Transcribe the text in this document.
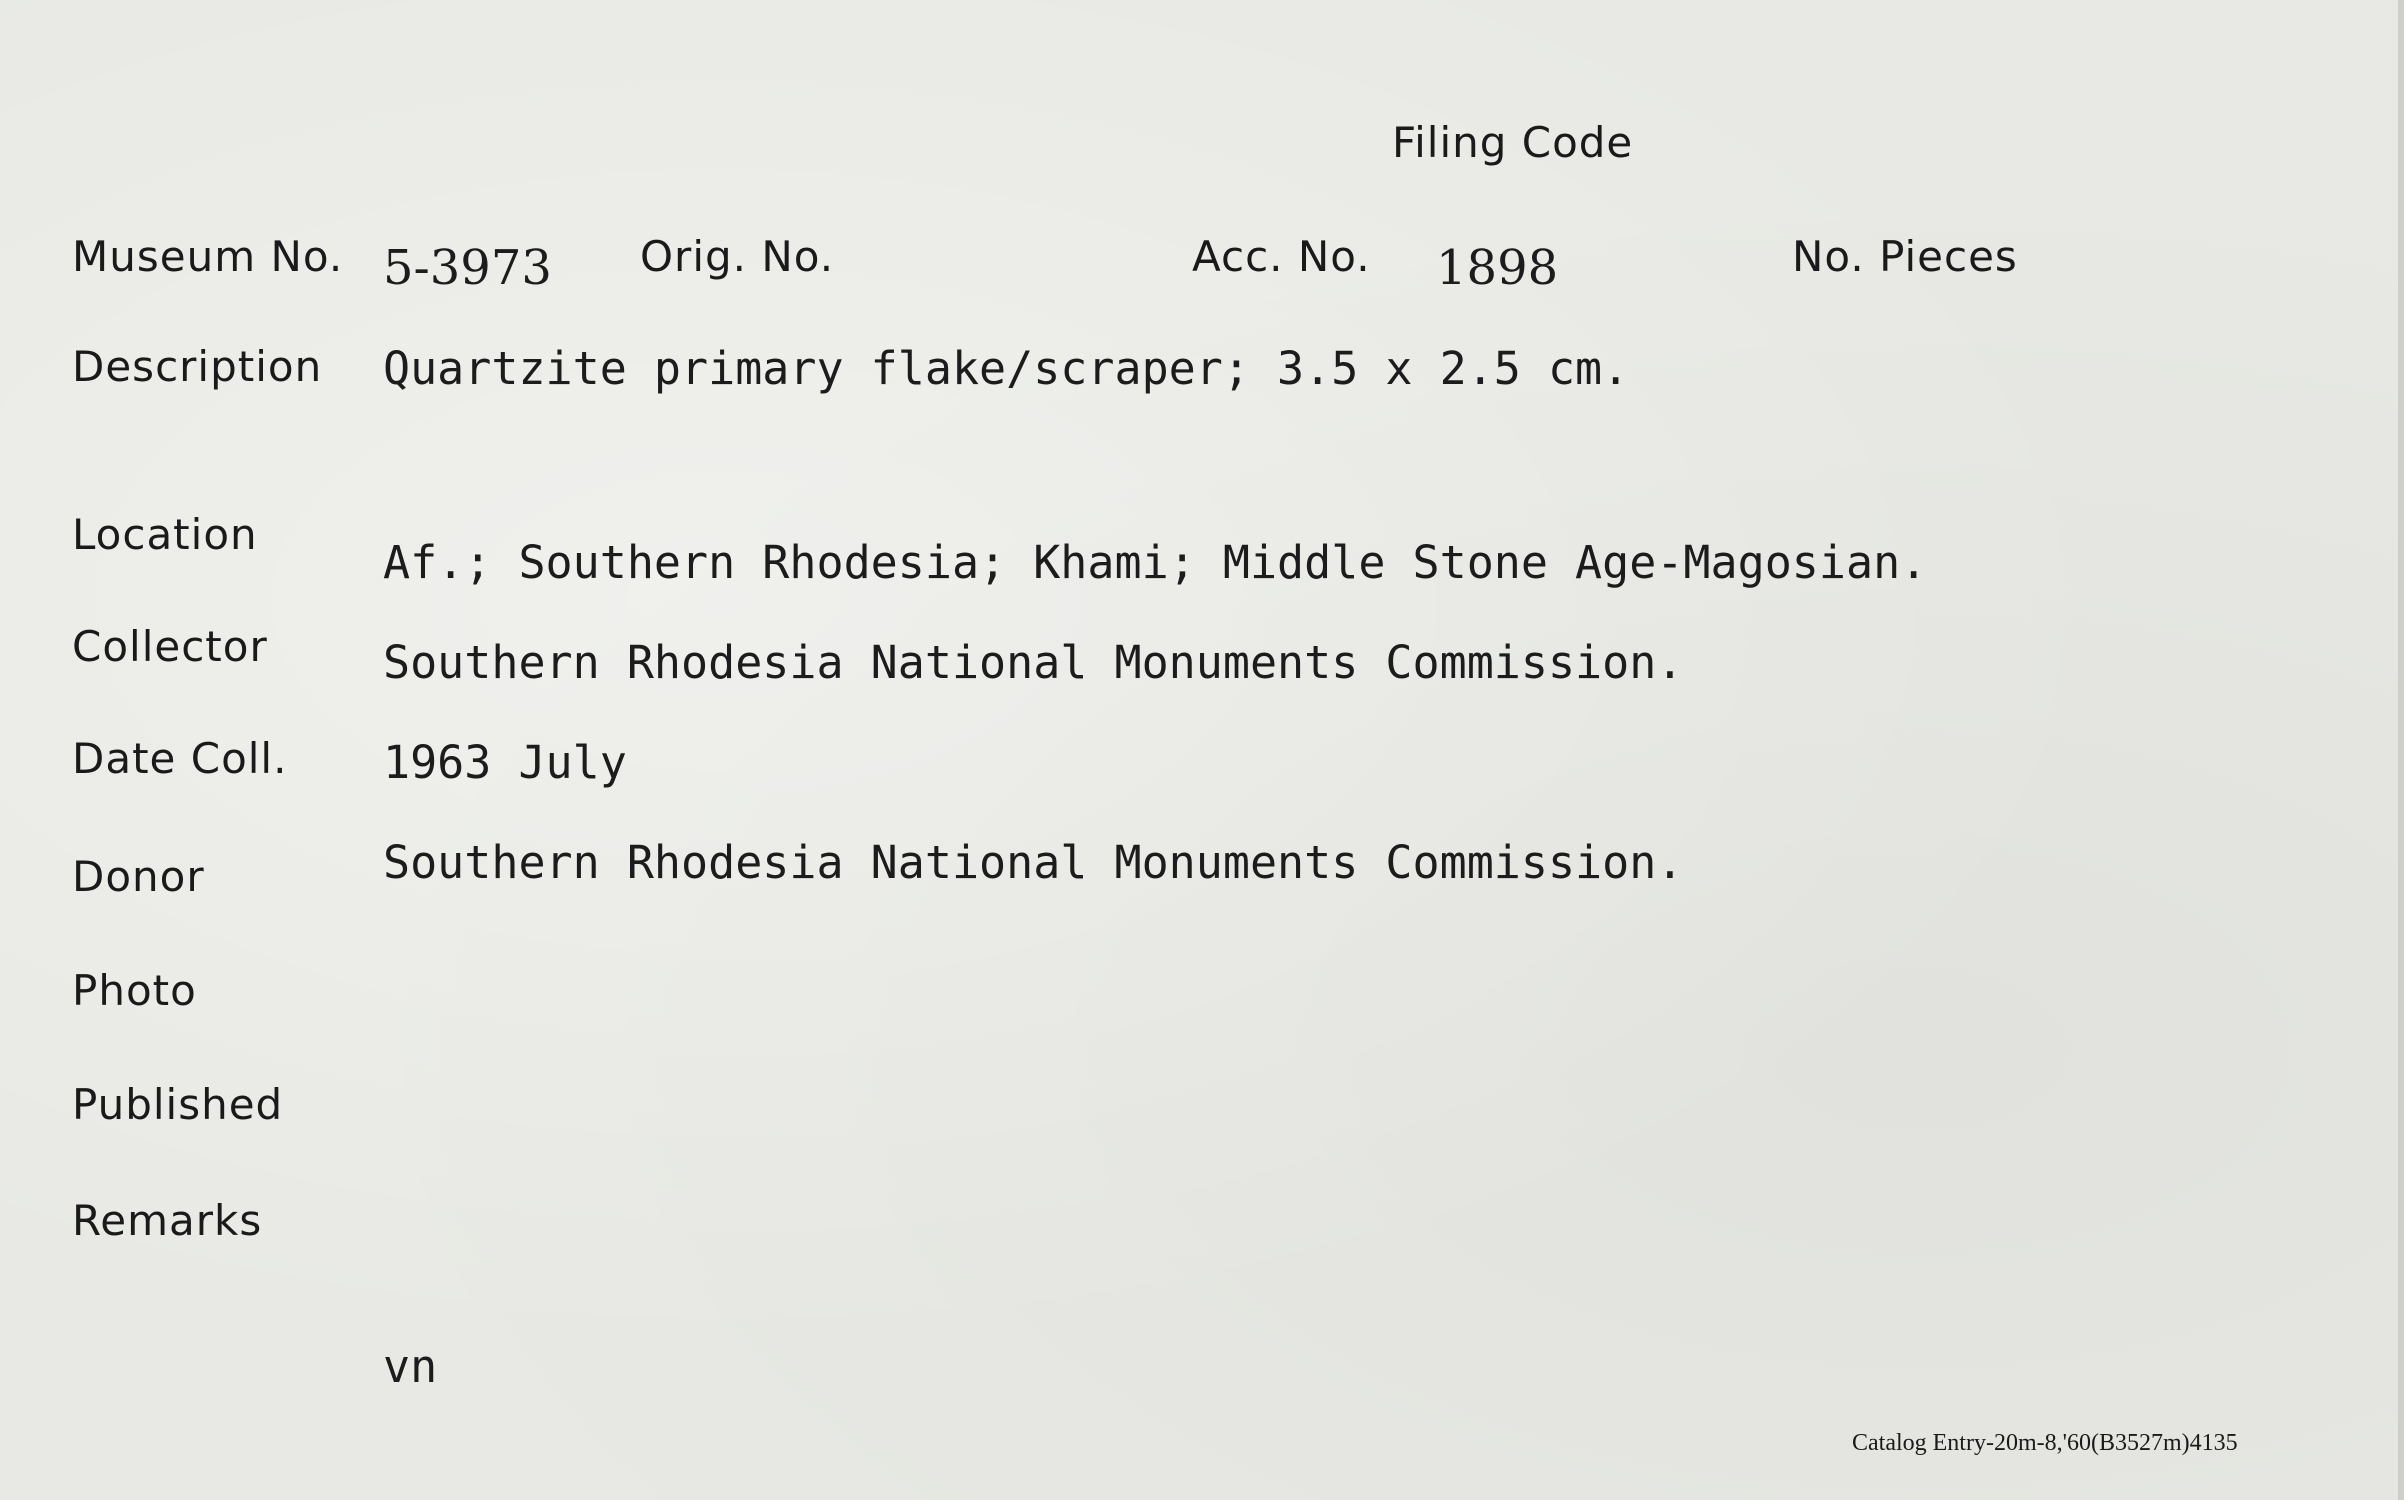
Filing Code
Museum No. 5-3973 Orig. No.	Acc. No. 1898	No. Pieces
Description Quartzite primary flake/scraper; 3.5 x 2.5 cm.
Location
Af.; Southern Rhodesia; Khami; Middle Stone Age-Magosian.
Collector	Southern Rhodesia National Monuments Commission.
Date Coll. 1963 July
Donor	Southern Rhodesia National Monuments Commission.
Photo
Published
Remarks
vn
Catalog Entry-20m-8,'60(B3527m)4135
